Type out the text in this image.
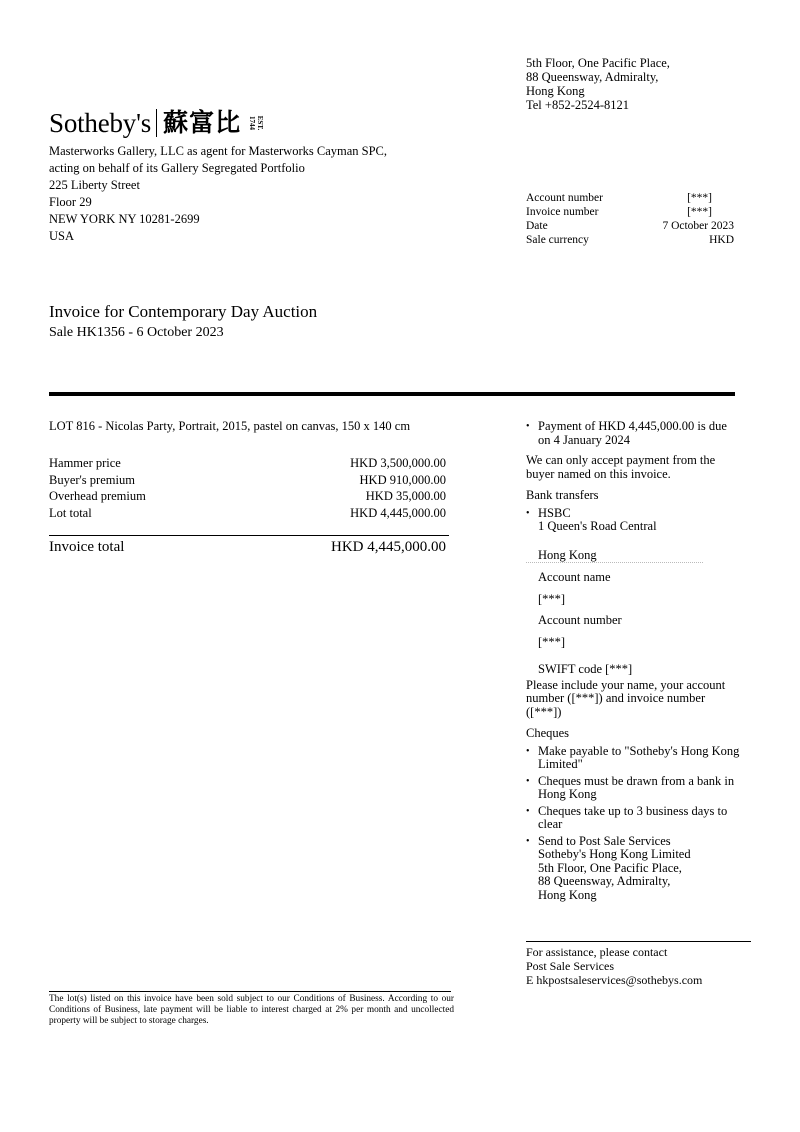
5th Floor, One Pacific Place,
88 Queensway, Admiralty,
Hong Kong
Tel +852-2524-8121
Sotheby's 蘇富比	EST. 1744
Masterworks Gallery, LLC as agent for Masterworks Cayman SPC,
acting on behalf of its Gallery Segregated Portfolio
225 Liberty Street
Floor 29
NEW YORK NY 10281-2699
USA
Account number	[***]
Invoice number	[***]
Date	7 October 2023
Sale currency	HKD
Invoice for Contemporary Day Auction
Sale HK1356 - 6 October 2023
LOT 816 - Nicolas Party, Portrait, 2015, pastel on canvas, 150 x 140 cm
Hammer price	HKD 3,500,000.00
Buyer's premium	HKD 910,000.00
Overhead premium	HKD 35,000.00
Lot total	HKD 4,445,000.00
Invoice total	HKD 4,445,000.00
• Payment of HKD 4,445,000.00 is due on 4 January 2024
We can only accept payment from the buyer named on this invoice.
Bank transfers
• HSBC
1 Queen's Road Central
Hong Kong
Account name
[***]
Account number
[***]
SWIFT code [***]
Please include your name, your account number ([***]) and invoice number ([***])
Cheques
• Make payable to "Sotheby's Hong Kong Limited"
• Cheques must be drawn from a bank in Hong Kong
• Cheques take up to 3 business days to clear
• Send to Post Sale Services
Sotheby's Hong Kong Limited
5th Floor, One Pacific Place,
88 Queensway, Admiralty,
Hong Kong
For assistance, please contact
Post Sale Services
E hkpostsaleservices@sothebys.com
The lot(s) listed on this invoice have been sold subject to our Conditions of Business. According to our Conditions of Business, late payment will be liable to interest charged at 2% per month and uncollected property will be subject to storage charges.
